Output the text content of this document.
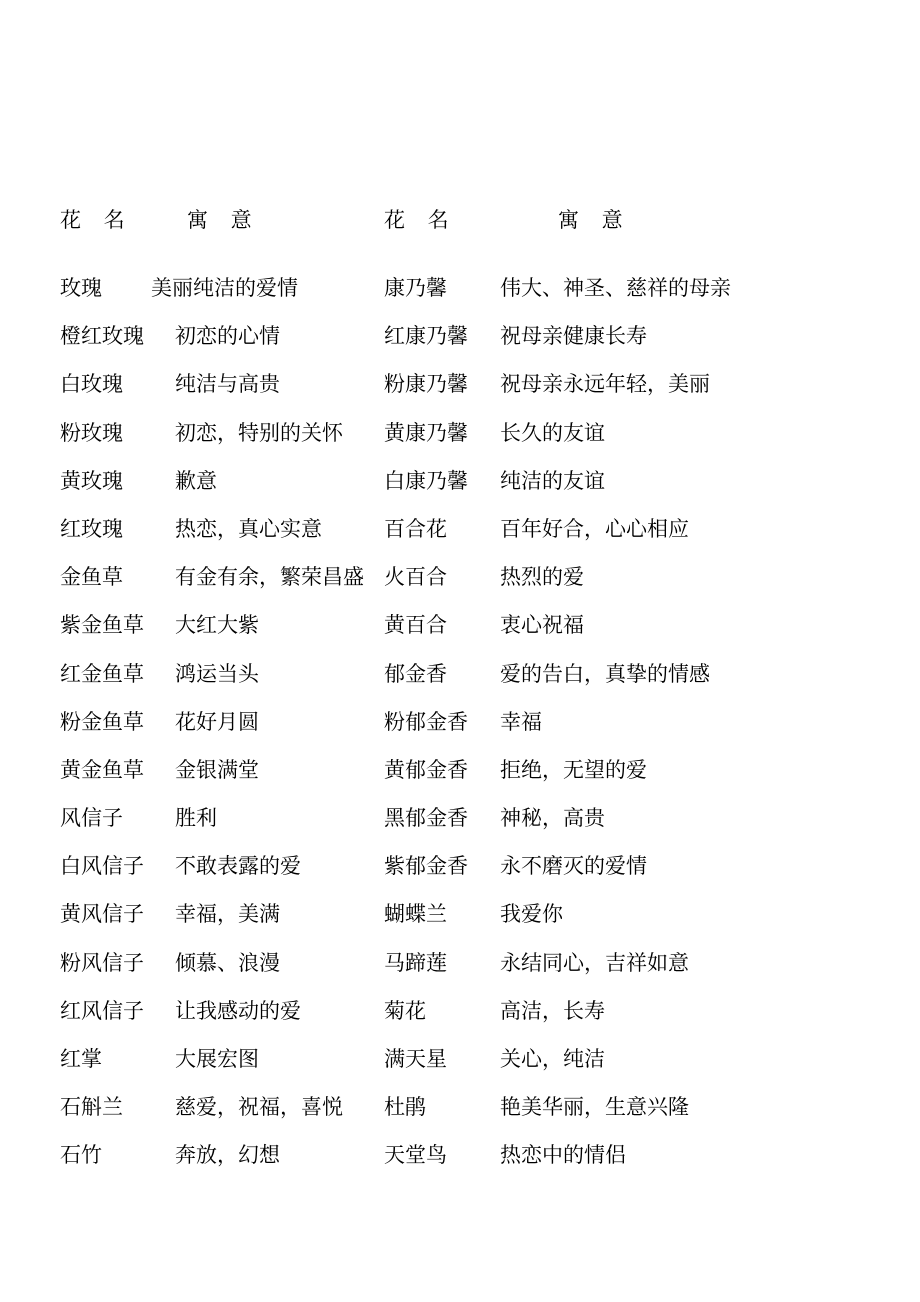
花 名	寓 意	花 名	寓 意
玫瑰 美丽纯洁的爱情	康乃馨	伟大、神圣、慈祥的母亲
橙红玫瑰 初恋的心情	红康乃馨 祝母亲健康长寿
白玫瑰 纯洁与高贵	粉康乃馨 祝母亲永远年轻，美丽
粉玫瑰 初恋，特别的关怀 黄康乃馨 长久的友谊
黄玫瑰 歉意	白康乃馨 纯洁的友谊
红玫瑰 热恋，真心实意	百合花	百年好合，心心相应
金鱼草 有金有余，繁荣昌盛 火百合	热烈的爱
紫金鱼草 大红大紫	黄百合	衷心祝福
红金鱼草 鸿运当头	郁金香	爱的告白，真挚的情感
粉金鱼草 花好月圆	粉郁金香 幸福
黄金鱼草 金银满堂	黄郁金香 拒绝，无望的爱
风信子 胜利	黑郁金香 神秘，高贵
白风信子 不敢表露的爱	紫郁金香 永不磨灭的爱情
黄风信子 幸福，美满	蝴蝶兰	我爱你
粉风信子 倾慕、浪漫	马蹄莲	永结同心，吉祥如意
红风信子 让我感动的爱	菊花	高洁，长寿
红掌	大展宏图	满天星	关心，纯洁
石斛兰 慈爱，祝福，喜悦 杜鹃	艳美华丽，生意兴隆
石竹	奔放，幻想	天堂鸟	热恋中的情侣
